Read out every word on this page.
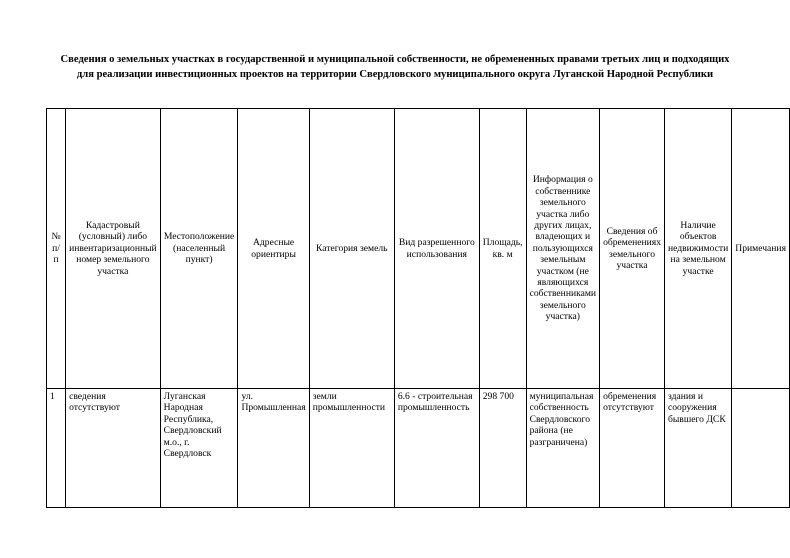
Сведения о земельных участках в государственной и муниципальной собственности, не обремененных правами третьих лиц и подходящих для реализации инвестиционных проектов на территории Свердловского муниципального округа Луганской Народной Республики
№ п/п	Кадастровый (условный) либо инвентаризационный номер земельного участка	Местоположение (населенный пункт)	Адресные ориентиры	Категория земель	Вид разрешенного использования	Площадь, кв. м	Информация о собственнике земельного участка либо других лицах, владеющих и пользующихся земельным участком (не являющихся собственниками земельного участка)	Сведения об обременениях земельного участка	Наличие объектов недвижимости на земельном участке	Примечания
1	сведения отсутствуют	Луганская Народная Республика, Свердловский м.о., г. Свердловск	ул. Промышленная	земли промышленности	6.6 - строительная промышленность	298 700	муниципальная собственность Свердловского района (не разграничена)	обременения отсутствуют	здания и сооружения бывшего ДСК	
